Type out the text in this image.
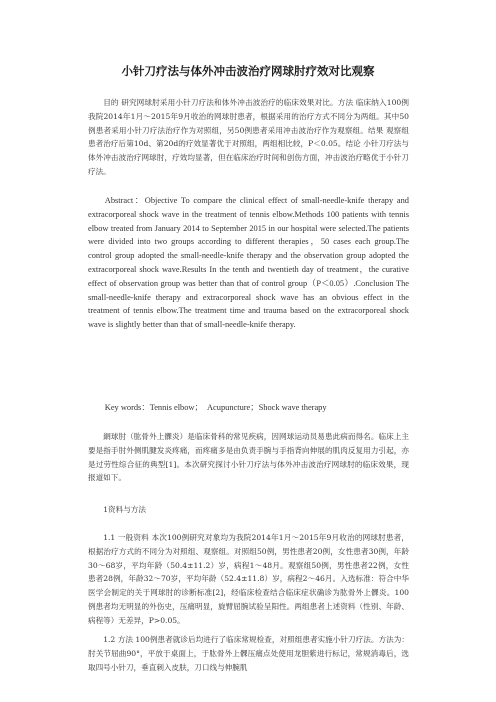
小针刀疗法与体外冲击波治疗网球肘疗效对比观察
目的 研究网球肘采用小针刀疗法和体外冲击波治疗的临床效果对比。方法 临床纳入100例我院2014年1月～2015年9月收治的网球肘患者，根据采用的治疗方式不同分为两组。其中50例患者采用小针刀疗法治疗作为对照组，另50例患者采用冲击波治疗作为观察组。结果 观察组患者治疗后第10d、第20d的疗效显著优于对照组，两组相比较，P＜0.05。结论 小针刀疗法与体外冲击波治疗网球肘，疗效均显著，但在临床治疗时间和创伤方面，冲击波治疗略优于小针刀疗法。
Abstract：Objective To compare the clinical effect of small-needle-knife therapy and extracorporeal shock wave in the treatment of tennis elbow.Methods 100 patients with tennis elbow treated from January 2014 to September 2015 in our hospital were selected.The patients were divided into two groups according to different therapies，50 cases each group.The control group adopted the small-needle-knife therapy and the observation group adopted the extracorporeal shock wave.Results In the tenth and twentieth day of treatment，the curative effect of observation group was better than that of control group（P＜0.05）.Conclusion The small-needle-knife therapy and extracorporeal shock wave has an obvious effect in the treatment of tennis elbow.The treatment time and trauma based on the extracorporeal shock wave is slightly better than that of small-needle-knife therapy.
Key words：Tennis elbow；　Acupuncture；Shock wave therapy
網球肘（肱骨外上髁炎）是临床骨科的常见疾病，因网球运动员易患此病而得名。临床上主要是指手肘外侧肌腱发炎疼痛，而疼痛多是由负责手腕与手指背向伸展的肌肉反复用力引起，亦是过劳性综合征的典型[1]。本次研究探讨小针刀疗法与体外冲击波治疗网球肘的临床效果，现报道如下。
1资料与方法
1.1 一般资料 本次100例研究对象均为我院2014年1月～2015年9月收治的网球肘患者，根据治疗方式的不同分为对照组、观察组。对照组50例，男性患者20例，女性患者30例，年龄30～68岁，平均年龄（50.4±11.2）岁，病程1～48月。观察组50例，男性患者22例，女性患者28例，年龄32～70岁，平均年龄（52.4±11.8）岁，病程2～46月。入选标准：符合中华医学会制定的关于网球肘的诊断标准[2]，经临床检查结合临床症状确诊为肱骨外上髁炎。100例患者均无明显的外伤史，压痛明显，旋臂屈腕试验呈阳性。两组患者上述资料（性别、年龄、病程等）无差异，P>0.05。
1.2 方法 100例患者就诊后均进行了临床常规检查，对照组患者实施小针刀疗法。方法为：肘关节屈曲90°，平放于桌面上，于肱骨外上髁压痛点处使用龙胆紫进行标记，常规消毒后，选取四号小针刀，垂直刺入皮肤，刀口线与伸腕肌
